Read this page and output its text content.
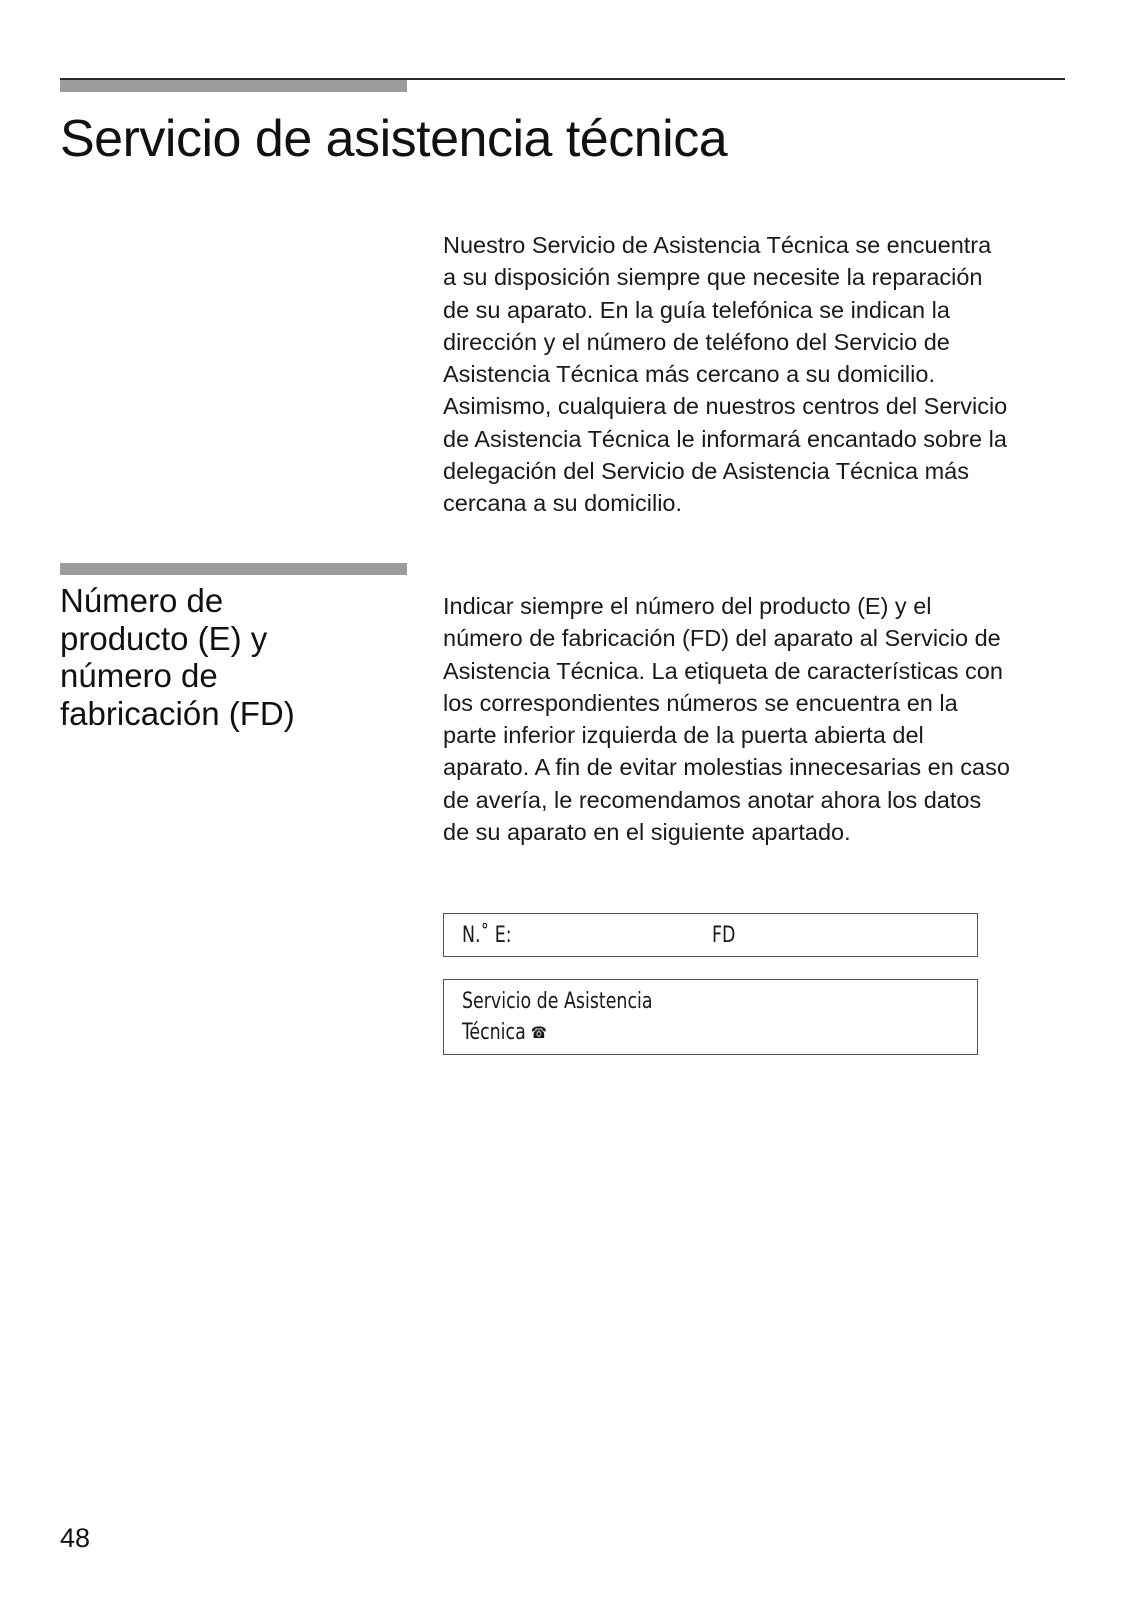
Servicio de asistencia técnica

Nuestro Servicio de Asistencia Técnica se encuentra
a su disposición siempre que necesite la reparación
de su aparato. En la guía telefónica se indican la
dirección y el número de teléfono del Servicio de
Asistencia Técnica más cercano a su domicilio.
Asimismo, cualquiera de nuestros centros del Servicio
de Asistencia Técnica le informará encantado sobre la
delegación del Servicio de Asistencia Técnica más
cercana a su domicilio.

Número de
producto (E) y
número de
fabricación (FD)

Indicar siempre el número del producto (E) y el
número de fabricación (FD) del aparato al Servicio de
Asistencia Técnica. La etiqueta de características con
los correspondientes números se encuentra en la
parte inferior izquierda de la puerta abierta del
aparato. A fin de evitar molestias innecesarias en caso
de avería, le recomendamos anotar ahora los datos
de su aparato en el siguiente apartado.

N.˚ E:	FD
Servicio de Asistencia
Técnica ☎
48
